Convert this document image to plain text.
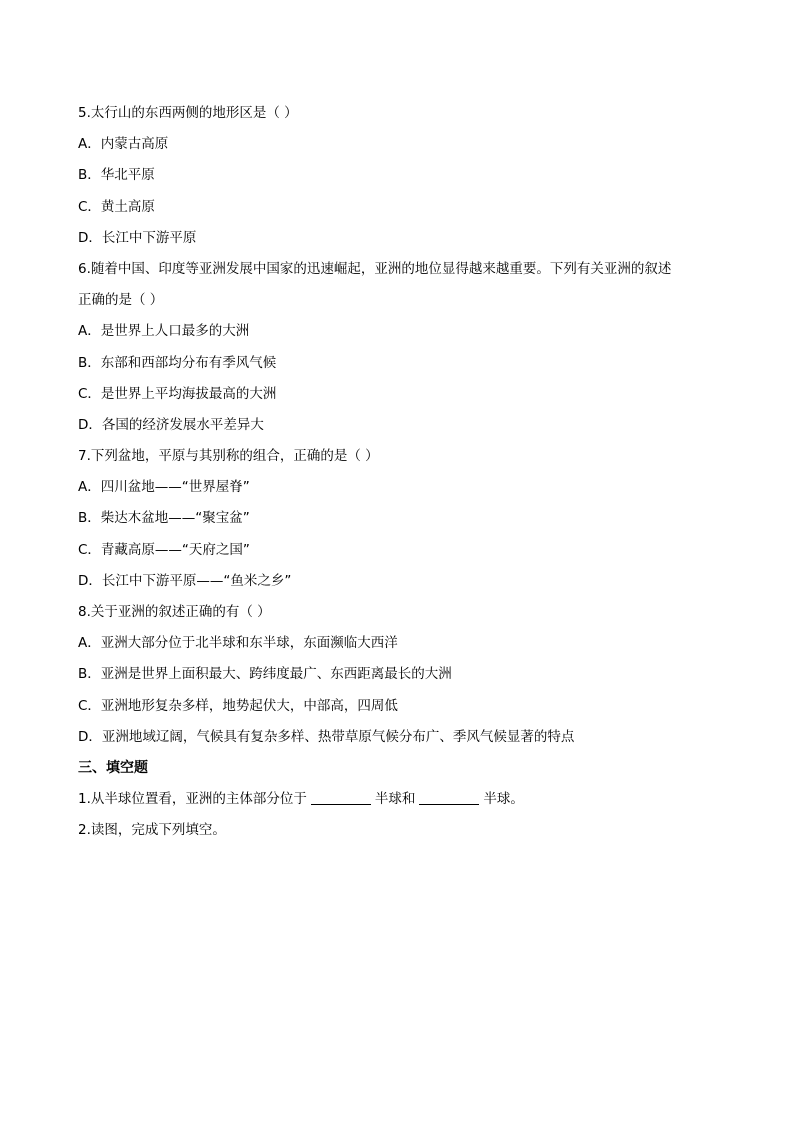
5.太行山的东西两侧的地形区是（ ）
A．内蒙古高原
B．华北平原
C．黄土高原
D．长江中下游平原
6.随着中国、印度等亚洲发展中国家的迅速崛起，亚洲的地位显得越来越重要。下列有关亚洲的叙述
正确的是（ ）
A．是世界上人口最多的大洲
B．东部和西部均分布有季风气候
C．是世界上平均海拔最高的大洲
D．各国的经济发展水平差异大
7.下列盆地，平原与其别称的组合，正确的是（ ）
A．四川盆地——“世界屋脊”
B．柴达木盆地——“聚宝盆”
C．青藏高原——“天府之国”
D．长江中下游平原——“鱼米之乡”
8.关于亚洲的叙述正确的有（ ）
A．亚洲大部分位于北半球和东半球，东面濒临大西洋
B．亚洲是世界上面积最大、跨纬度最广、东西距离最长的大洲
C．亚洲地形复杂多样，地势起伏大，中部高，四周低
D．亚洲地域辽阔，气候具有复杂多样、热带草原气候分布广、季风气候显著的特点
三、填空题
1.从半球位置看，亚洲的主体部分位于	半球和	半球。
2.读图，完成下列填空。
